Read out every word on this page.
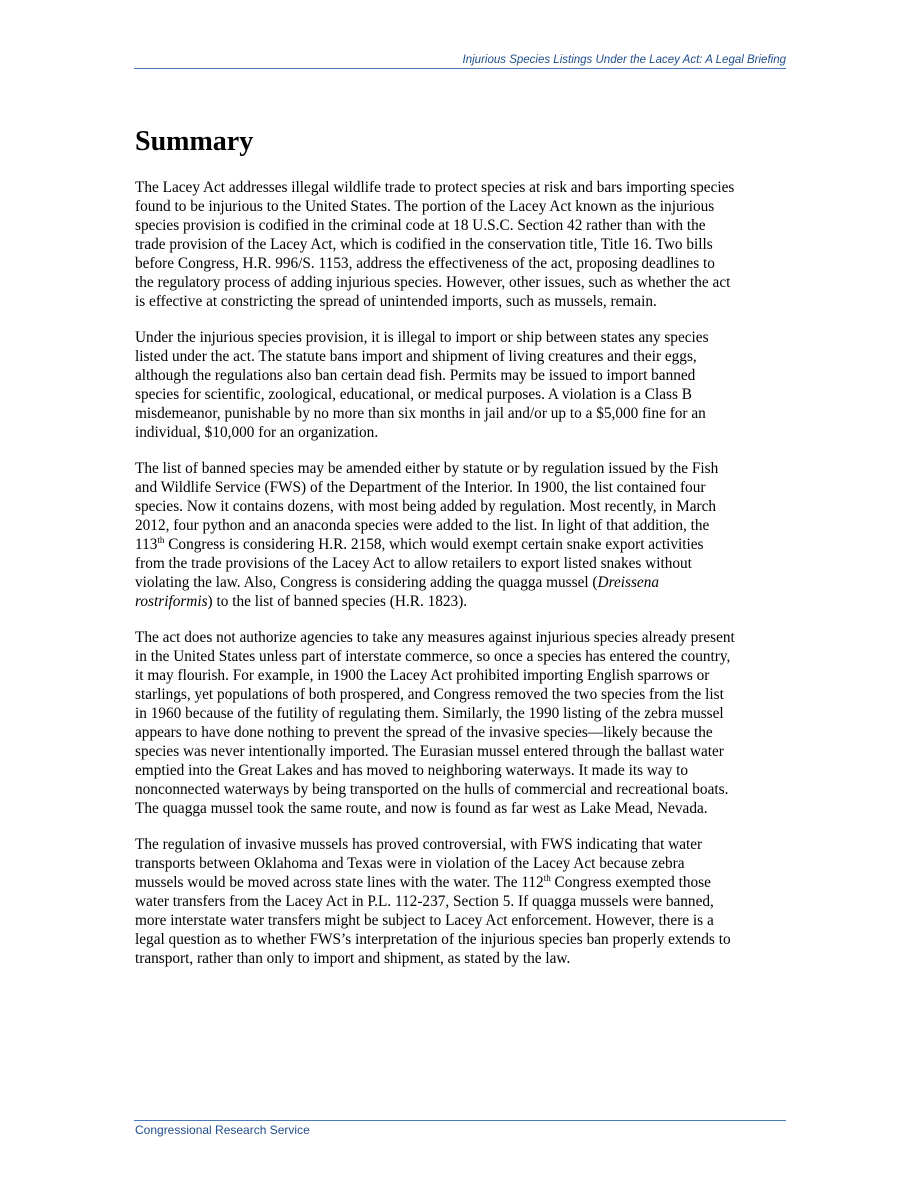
Injurious Species Listings Under the Lacey Act: A Legal Briefing
Summary

The Lacey Act addresses illegal wildlife trade to protect species at risk and bars importing species
found to be injurious to the United States. The portion of the Lacey Act known as the injurious
species provision is codified in the criminal code at 18 U.S.C. Section 42 rather than with the
trade provision of the Lacey Act, which is codified in the conservation title, Title 16. Two bills
before Congress, H.R. 996/S. 1153, address the effectiveness of the act, proposing deadlines to
the regulatory process of adding injurious species. However, other issues, such as whether the act
is effective at constricting the spread of unintended imports, such as mussels, remain.

Under the injurious species provision, it is illegal to import or ship between states any species
listed under the act. The statute bans import and shipment of living creatures and their eggs,
although the regulations also ban certain dead fish. Permits may be issued to import banned
species for scientific, zoological, educational, or medical purposes. A violation is a Class B
misdemeanor, punishable by no more than six months in jail and/or up to a $5,000 fine for an
individual, $10,000 for an organization.

The list of banned species may be amended either by statute or by regulation issued by the Fish
and Wildlife Service (FWS) of the Department of the Interior. In 1900, the list contained four
species. Now it contains dozens, with most being added by regulation. Most recently, in March
2012, four python and an anaconda species were added to the list. In light of that addition, the
113th Congress is considering H.R. 2158, which would exempt certain snake export activities
from the trade provisions of the Lacey Act to allow retailers to export listed snakes without
violating the law. Also, Congress is considering adding the quagga mussel (Dreissena
rostriformis) to the list of banned species (H.R. 1823).

The act does not authorize agencies to take any measures against injurious species already present
in the United States unless part of interstate commerce, so once a species has entered the country,
it may flourish. For example, in 1900 the Lacey Act prohibited importing English sparrows or
starlings, yet populations of both prospered, and Congress removed the two species from the list
in 1960 because of the futility of regulating them. Similarly, the 1990 listing of the zebra mussel
appears to have done nothing to prevent the spread of the invasive species—likely because the
species was never intentionally imported. The Eurasian mussel entered through the ballast water
emptied into the Great Lakes and has moved to neighboring waterways. It made its way to
nonconnected waterways by being transported on the hulls of commercial and recreational boats.
The quagga mussel took the same route, and now is found as far west as Lake Mead, Nevada.

The regulation of invasive mussels has proved controversial, with FWS indicating that water
transports between Oklahoma and Texas were in violation of the Lacey Act because zebra
mussels would be moved across state lines with the water. The 112th Congress exempted those
water transfers from the Lacey Act in P.L. 112-237, Section 5. If quagga mussels were banned,
more interstate water transfers might be subject to Lacey Act enforcement. However, there is a
legal question as to whether FWS’s interpretation of the injurious species ban properly extends to
transport, rather than only to import and shipment, as stated by the law.

Congressional Research Service
